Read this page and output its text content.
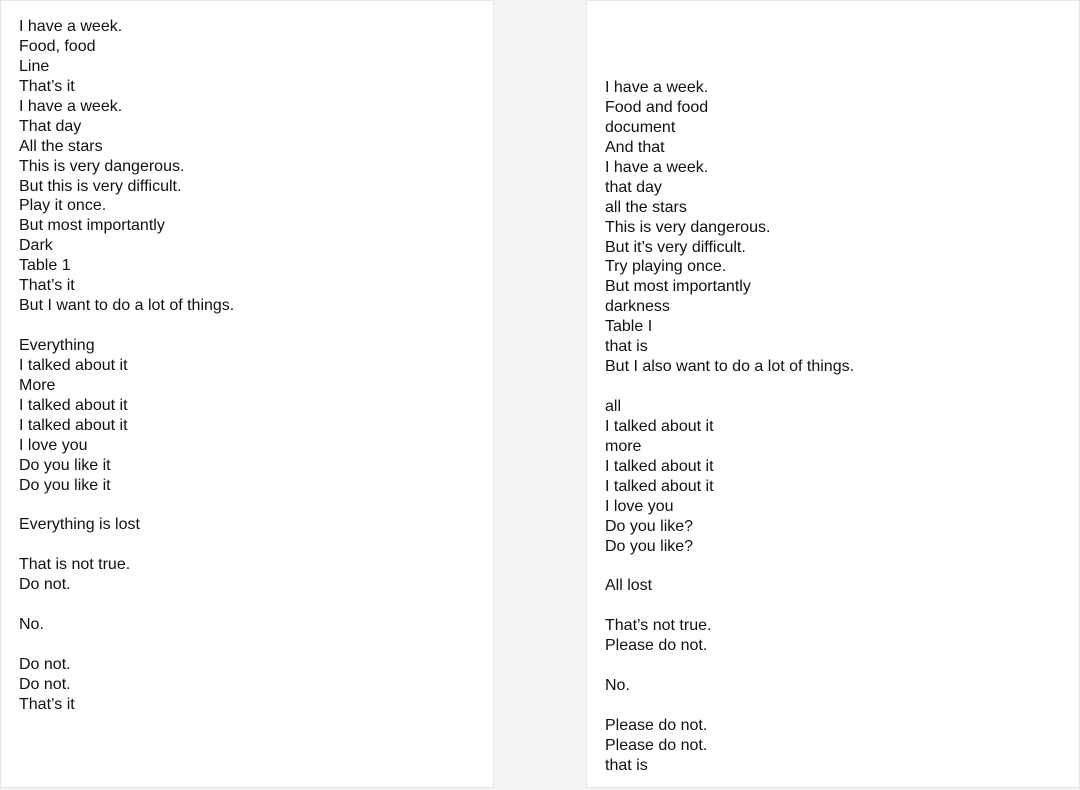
I have a week.
Food, food
Line
That’s it
I have a week.
That day
All the stars
This is very dangerous.
But this is very difficult.
Play it once.
But most importantly
Dark
Table 1
That’s it
But I want to do a lot of things.
Everything
I talked about it
More
I talked about it
I talked about it
I love you
Do you like it
Do you like it
Everything is lost
That is not true.
Do not.
No.
Do not.
Do not.
That’s it
I have a week.
Food and food
document
And that
I have a week.
that day
all the stars
This is very dangerous.
But it’s very difficult.
Try playing once.
But most importantly
darkness
Table I
that is
But I also want to do a lot of things.
all
I talked about it
more
I talked about it
I talked about it
I love you
Do you like?
Do you like?
All lost
That’s not true.
Please do not.
No.
Please do not.
Please do not.
that is
